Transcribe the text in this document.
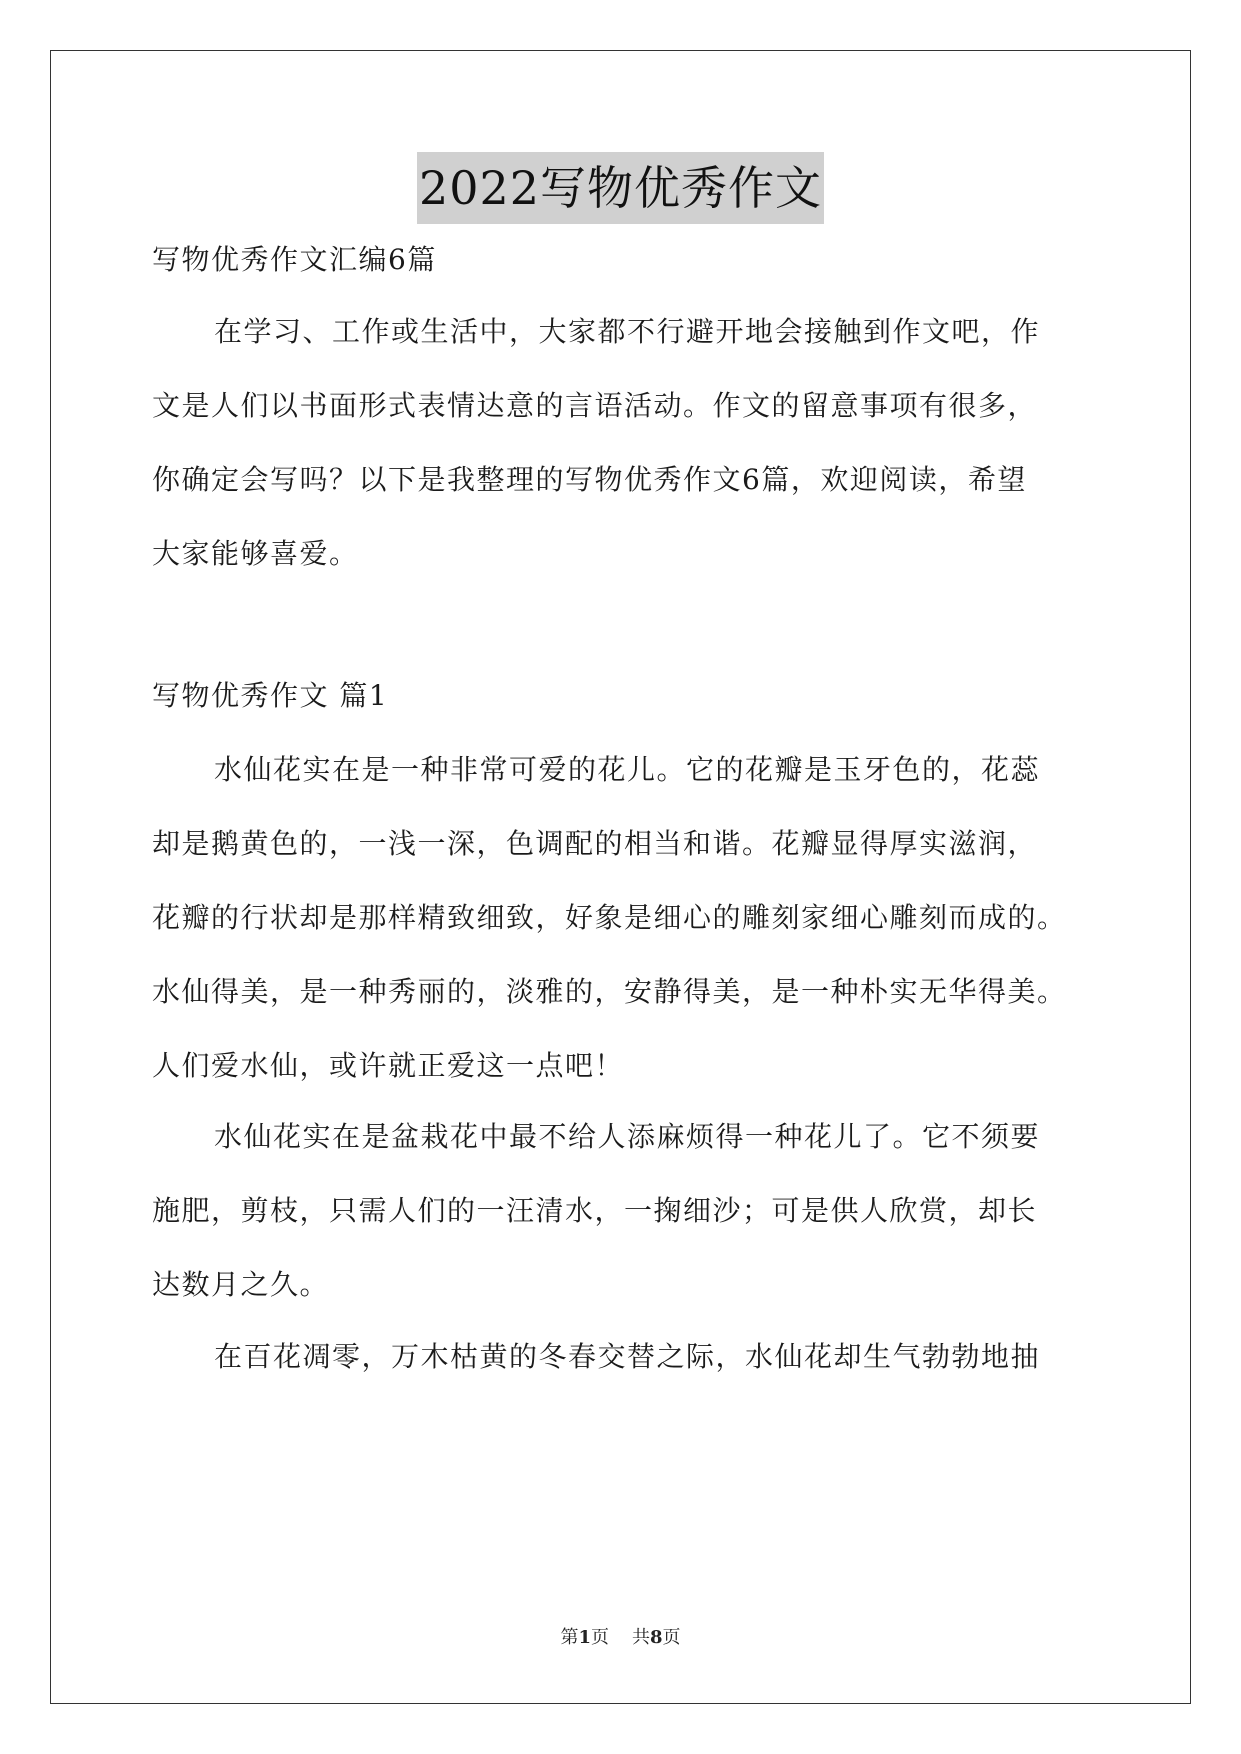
2022写物优秀作文
写物优秀作文汇编6篇
在学习、工作或生活中，大家都不行避开地会接触到作文吧，作
文是人们以书面形式表情达意的言语活动。作文的留意事项有很多，
你确定会写吗？以下是我整理的写物优秀作文6篇，欢迎阅读，希望
大家能够喜爱。
写物优秀作文 篇1
水仙花实在是一种非常可爱的花儿。它的花瓣是玉牙色的，花蕊
却是鹅黄色的，一浅一深，色调配的相当和谐。花瓣显得厚实滋润，
花瓣的行状却是那样精致细致，好象是细心的雕刻家细心雕刻而成的。
水仙得美，是一种秀丽的，淡雅的，安静得美，是一种朴实无华得美。
人们爱水仙，或许就正爱这一点吧！
水仙花实在是盆栽花中最不给人添麻烦得一种花儿了。它不须要
施肥，剪枝，只需人们的一汪清水，一掬细沙；可是供人欣赏，却长
达数月之久。
在百花凋零，万木枯黄的冬春交替之际，水仙花却生气勃勃地抽
第1页 共8页
